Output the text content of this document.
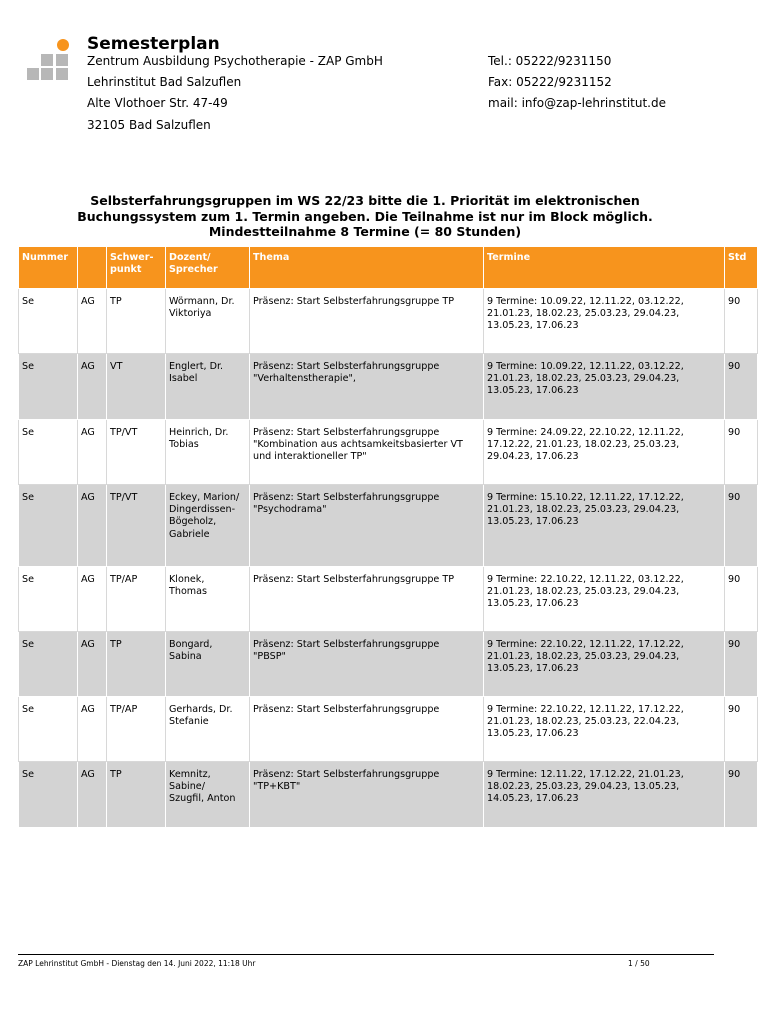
Semesterplan
Zentrum Ausbildung Psychotherapie - ZAP GmbH
Lehrinstitut Bad Salzuflen
Alte Vlothoer Str. 47-49
32105 Bad Salzuflen
Tel.: 05222/9231150
Fax: 05222/9231152
mail: info@zap-lehrinstitut.de
Selbsterfahrungsgruppen im WS 22/23 bitte die 1. Priorität im elektronischen
Buchungssystem zum 1. Termin angeben. Die Teilnahme ist nur im Block möglich.
Mindestteilnahme 8 Termine (= 80 Stunden)
Nummer		Schwer-
punkt	Dozent/
Sprecher	Thema	Termine	Std
Se	AG	TP	Wörmann, Dr.
Viktoriya	Präsenz: Start Selbsterfahrungsgruppe TP	9 Termine: 10.09.22, 12.11.22, 03.12.22,
21.01.23, 18.02.23, 25.03.23, 29.04.23,
13.05.23, 17.06.23	90
Se	AG	VT	Englert, Dr.
Isabel	Präsenz: Start Selbsterfahrungsgruppe
"Verhaltenstherapie",	9 Termine: 10.09.22, 12.11.22, 03.12.22,
21.01.23, 18.02.23, 25.03.23, 29.04.23,
13.05.23, 17.06.23	90
Se	AG	TP/VT	Heinrich, Dr.
Tobias	Präsenz: Start Selbsterfahrungsgruppe
"Kombination aus achtsamkeitsbasierter VT
und interaktioneller TP"	9 Termine: 24.09.22, 22.10.22, 12.11.22,
17.12.22, 21.01.23, 18.02.23, 25.03.23,
29.04.23, 17.06.23	90
Se	AG	TP/VT	Eckey, Marion/
Dingerdissen-
Bögeholz,
Gabriele	Präsenz: Start Selbsterfahrungsgruppe
"Psychodrama"	9 Termine: 15.10.22, 12.11.22, 17.12.22,
21.01.23, 18.02.23, 25.03.23, 29.04.23,
13.05.23, 17.06.23	90
Se	AG	TP/AP	Klonek,
Thomas	Präsenz: Start Selbsterfahrungsgruppe TP	9 Termine: 22.10.22, 12.11.22, 03.12.22,
21.01.23, 18.02.23, 25.03.23, 29.04.23,
13.05.23, 17.06.23	90
Se	AG	TP	Bongard,
Sabina	Präsenz: Start Selbsterfahrungsgruppe
"PBSP"	9 Termine: 22.10.22, 12.11.22, 17.12.22,
21.01.23, 18.02.23, 25.03.23, 29.04.23,
13.05.23, 17.06.23	90
Se	AG	TP/AP	Gerhards, Dr.
Stefanie	Präsenz: Start Selbsterfahrungsgruppe	9 Termine: 22.10.22, 12.11.22, 17.12.22,
21.01.23, 18.02.23, 25.03.23, 22.04.23,
13.05.23, 17.06.23	90
Se	AG	TP	Kemnitz,
Sabine/
Szugfil, Anton	Präsenz: Start Selbsterfahrungsgruppe
"TP+KBT"	9 Termine: 12.11.22, 17.12.22, 21.01.23,
18.02.23, 25.03.23, 29.04.23, 13.05.23,
14.05.23, 17.06.23	90
ZAP Lehrinstitut GmbH - Dienstag den 14. Juni 2022, 11:18 Uhr	1 / 50
